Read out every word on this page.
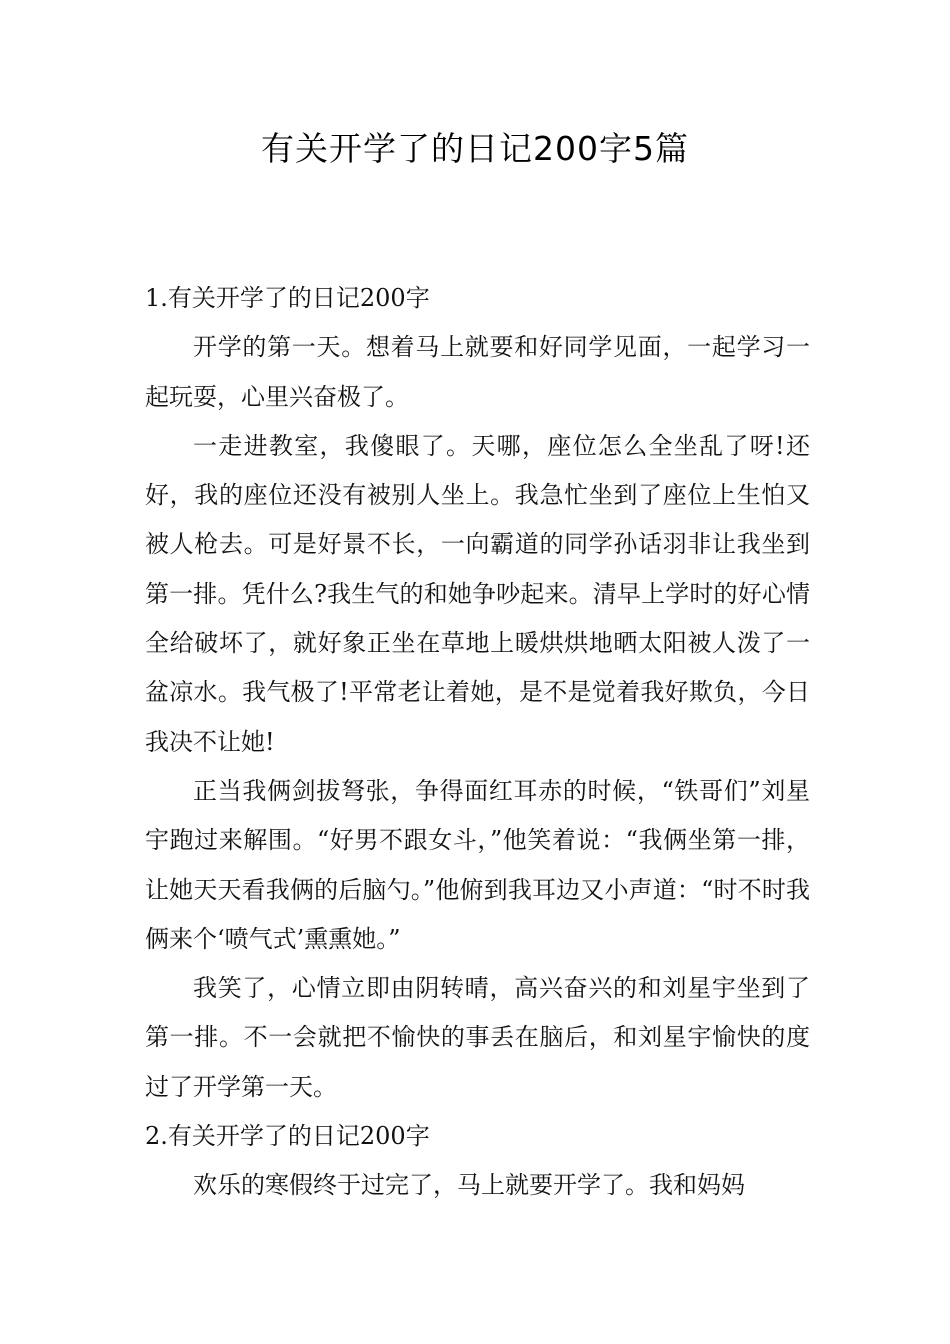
有关开学了的日记200字5篇
1.有关开学了的日记200字

开学的第一天。想着马上就要和好同学见面，一起学习一起玩耍，心里兴奋极了。

一走进教室，我傻眼了。天哪，座位怎么全坐乱了呀!还好，我的座位还没有被别人坐上。我急忙坐到了座位上生怕又被人枪去。可是好景不长，一向霸道的同学孙话羽非让我坐到第一排。凭什么?我生气的和她争吵起来。清早上学时的好心情全给破坏了，就好象正坐在草地上暖烘烘地晒太阳被人泼了一盆凉水。我气极了!平常老让着她，是不是觉着我好欺负，今日我决不让她!

正当我俩剑拔弩张，争得面红耳赤的时候，“铁哥们”刘星宇跑过来解围。“好男不跟女斗，”他笑着说：“我俩坐第一排，让她天天看我俩的后脑勺。”他俯到我耳边又小声道：“时不时我俩来个‘喷气式’熏熏她。”

我笑了，心情立即由阴转晴，高兴奋兴的和刘星宇坐到了第一排。不一会就把不愉快的事丢在脑后，和刘星宇愉快的度过了开学第一天。

2.有关开学了的日记200字

欢乐的寒假终于过完了，马上就要开学了。我和妈妈
